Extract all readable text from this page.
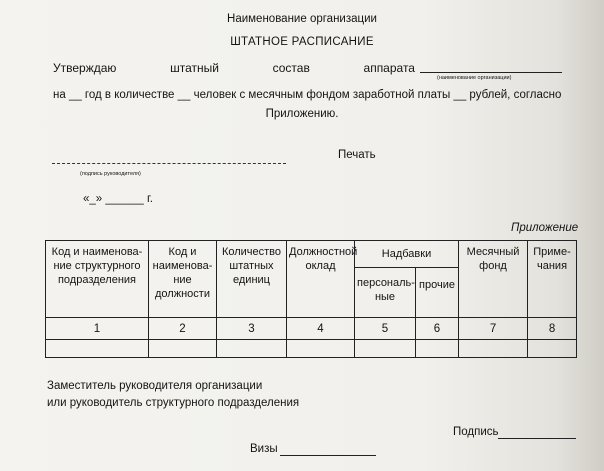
Наименование организации
ШТАТНОЕ РАСПИСАНИЕ
Утверждаю	штатный	состав	аппарата
(наименование организации)
на __ год в количестве __ человек с месячным фондом заработной платы __ рублей, согласно
Приложению.
Печать
(подпись руководителя)
«_» ______ г.
Приложение
Код и наименова-ние структурного подразделения	Код и наименова-ние должности	Количество штатных единиц	Должностной оклад	Надбавки		Месячный фонд	Приме-чания
				персональ-ные	прочие		
1	2	3	4	5	6	7	8

Заместитель руководителя организации
или руководитель структурного подразделения
Подпись
Визы
